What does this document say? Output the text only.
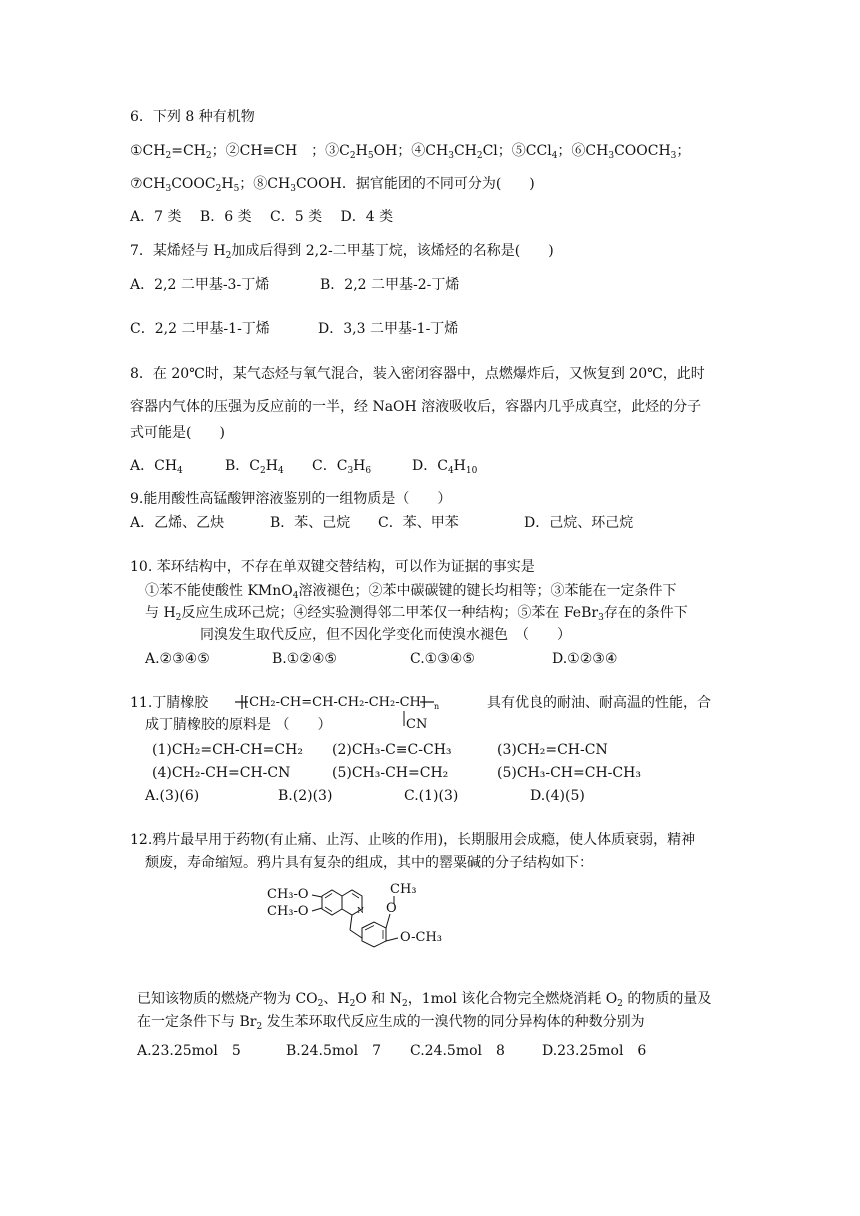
6．下列 8 种有机物
$①CH_2=CH_2$；②CH≡CH　；$③C_2H_5OH$；$④CH_3CH_2Cl$；⑤CCl$_4$；$⑥CH_3COOCH_3$；
$⑦CH_3COOC_2H_5$；$⑧CH_3COOH$．据官能团的不同可分为(　　)
A．7 类　 B．6 类　 C．5 类　 D．4 类
7．某烯烃与 $H_2$加成后得到 2,2-二甲基丁烷，该烯烃的名称是(　　)
A．2,2 二甲基-3-丁烯	B．2,2 二甲基-2-丁烯
C．2,2 二甲基-1-丁烯	D．3,3 二甲基-1-丁烯
8．在 20℃时，某气态烃与氧气混合，装入密闭容器中，点燃爆炸后，又恢复到 20℃，此时
容器内气体的压强为反应前的一半，经 NaOH 溶液吸收后，容器内几乎成真空，此烃的分子
式可能是(　　)
A．$CH_4$	B．$C_2H_4$ C．$C_3H_6$	D．$C_4H_{10}$
9.能用酸性高锰酸钾溶液鉴别的一组物质是（　　）
A．乙烯、乙炔	B．苯、己烷 C．苯、甲苯	D．己烷、环己烷
10. 苯环结构中，不存在单双键交替结构，可以作为证据的事实是
①苯不能使酸性 KMnO$_4$溶液褪色；②苯中碳碳键的键长均相等；③苯能在一定条件下
与 $H_2$反应生成环己烷；④经实验测得邻二甲苯仅一种结构；⑤苯在 FeBr$_3$存在的条件下
同溴发生取代反应，但不因化学变化而使溴水褪色　（　　）
A.②③④⑤	B.①②④⑤	C.①③④⑤	D.①②③④
11.丁腈橡胶	[CH₂-CH=CH-CH₂-CH₂-CH] n
CN
具有优良的耐油、耐高温的性能，合
成丁腈橡胶的原料是 （　　）
(1)CH₂=CH-CH=CH₂ (2)CH₃-C≡C-CH₃	(3)CH₂=CH-CN
(4)CH₂-CH=CH-CN	(5)CH₃-CH=CH₂	(5)CH₃-CH=CH-CH₃
A.(3)(6)	B.(2)(3)	C.(1)(3)	D.(4)(5)
12.鸦片最早用于药物(有止痛、止泻、止咳的作用)，长期服用会成瘾，使人体质衰弱，精神
颓废，寿命缩短。鸦片具有复杂的组成，其中的罂粟碱的分子结构如下：
CH₃-O
CH₃-O	N
CH₃
O
O-CH₃
已知该物质的燃烧产物为 $CO_2$、$H_2O$ 和 $N_2$，1mol 该化合物完全燃烧消耗 $O_2$ 的物质的量及
在一定条件下与 $Br_2$ 发生苯环取代反应生成的一溴代物的同分异构体的种数分别为
A.23.25mol　5	B.24.5mol　7 C.24.5mol　8	D.23.25mol　6
